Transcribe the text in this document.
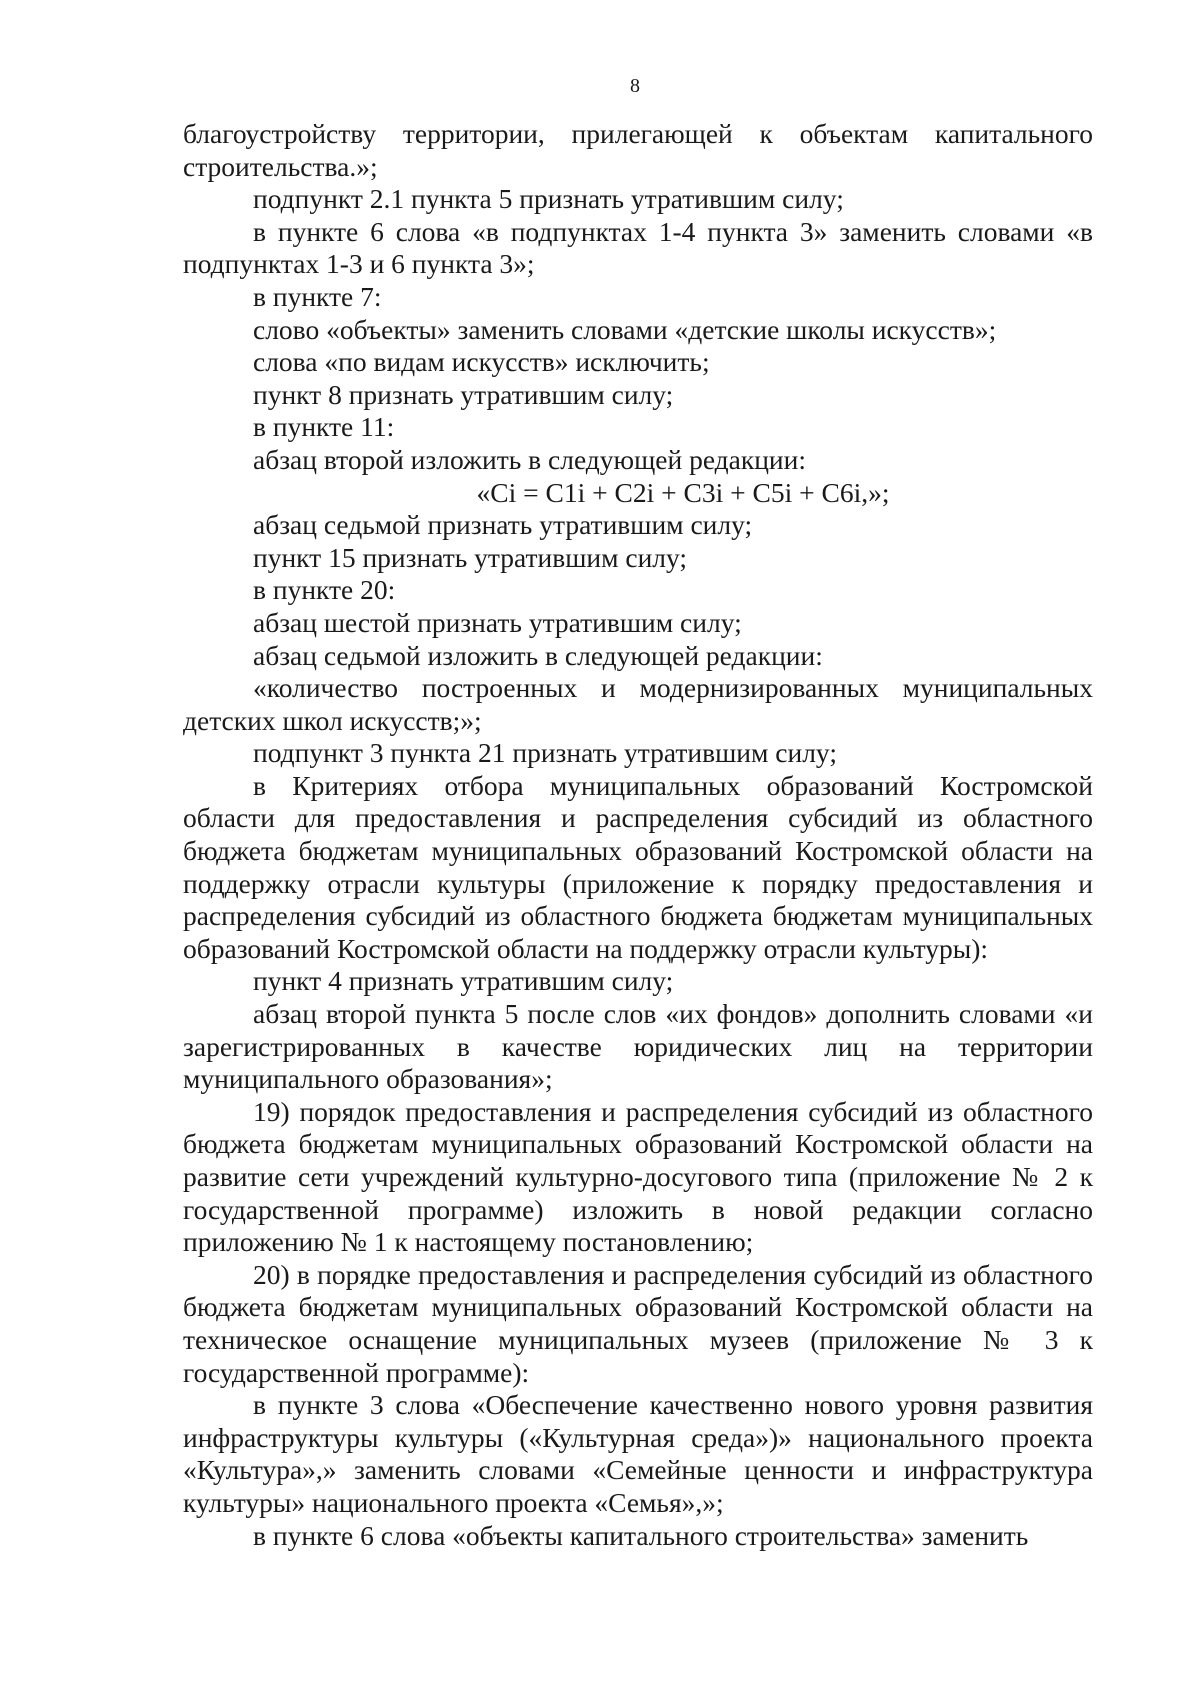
8

благоустройству территории, прилегающей к объектам капитального строительства.»;

подпункт 2.1 пункта 5 признать утратившим силу;

в пункте 6 слова «в подпунктах 1-4 пункта 3» заменить словами «в подпунктах 1-3 и 6 пункта 3»;

в пункте 7:

слово «объекты» заменить словами «детские школы искусств»;

слова «по видам искусств» исключить;

пункт 8 признать утратившим силу;

в пункте 11:

абзац второй изложить в следующей редакции:

«Ci = C1i + C2i + C3i + C5i + C6i,»;

абзац седьмой признать утратившим силу;

пункт 15 признать утратившим силу;

в пункте 20:

абзац шестой признать утратившим силу;

абзац седьмой изложить в следующей редакции:

«количество построенных и модернизированных муниципальных детских школ искусств;»;

подпункт 3 пункта 21 признать утратившим силу;

в Критериях отбора муниципальных образований Костромской области для предоставления и распределения субсидий из областного бюджета бюджетам муниципальных образований Костромской области на поддержку отрасли культуры (приложение к порядку предоставления и распределения субсидий из областного бюджета бюджетам муниципальных образований Костромской области на поддержку отрасли культуры):

пункт 4 признать утратившим силу;

абзац второй пункта 5 после слов «их фондов» дополнить словами «и зарегистрированных в качестве юридических лиц на территории муниципального образования»;

19) порядок предоставления и распределения субсидий из областного бюджета бюджетам муниципальных образований Костромской области на развитие сети учреждений культурно-досугового типа (приложение № 2 к государственной программе) изложить в новой редакции согласно приложению № 1 к настоящему постановлению;

20) в порядке предоставления и распределения субсидий из областного бюджета бюджетам муниципальных образований Костромской области на техническое оснащение муниципальных музеев (приложение № 3 к государственной программе):

в пункте 3 слова «Обеспечение качественно нового уровня развития инфраструктуры культуры («Культурная среда»)» национального проекта «Культура»,» заменить словами «Семейные ценности и инфраструктура культуры» национального проекта «Семья»,»;

в пункте 6 слова «объекты капитального строительства» заменить
